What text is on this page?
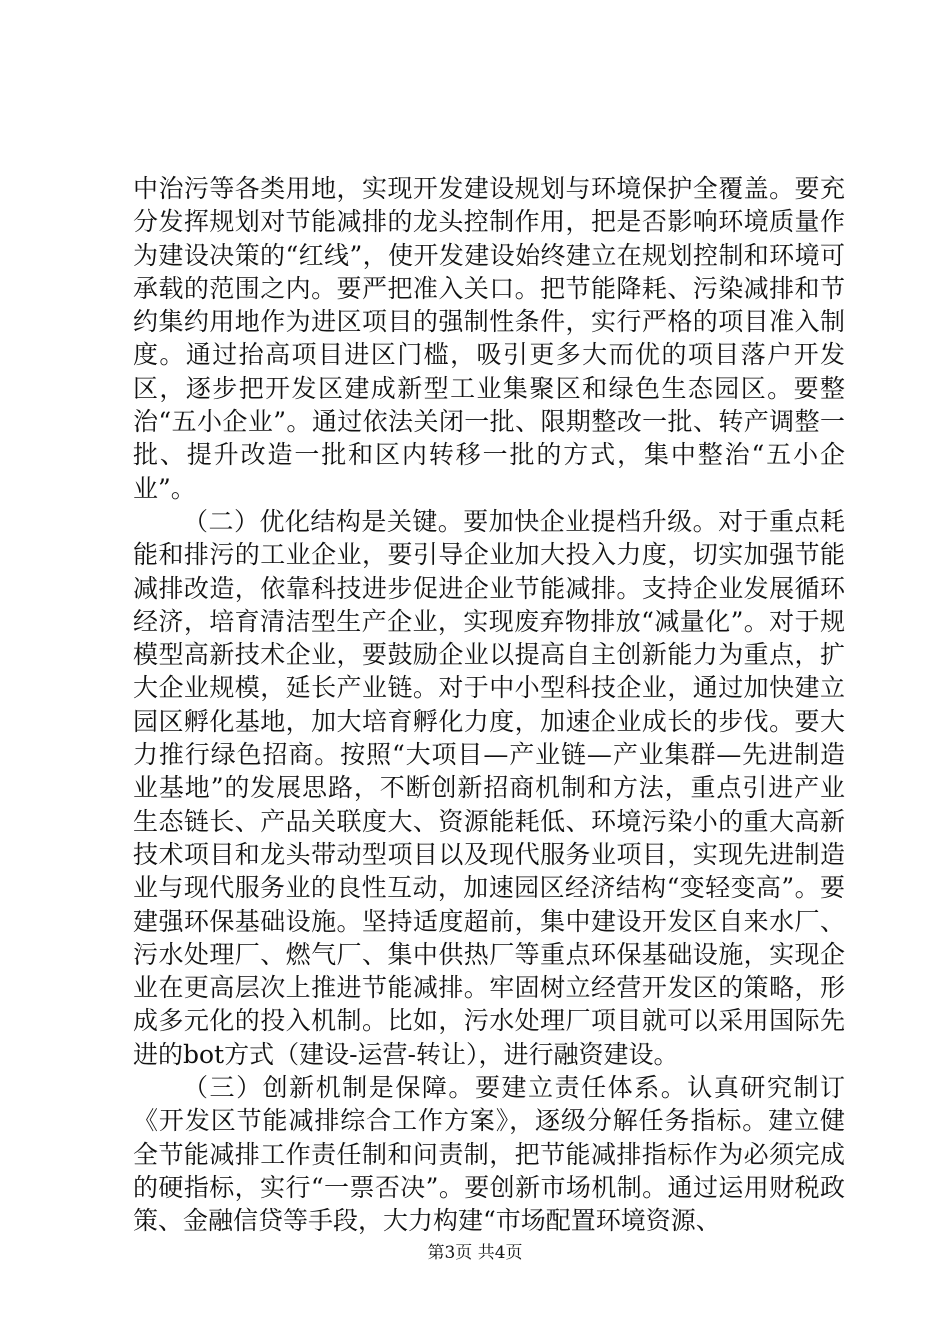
中治污等各类用地，实现开发建设规划与环境保护全覆盖。要充分发挥规划对节能减排的龙头控制作用，把是否影响环境质量作为建设决策的“红线”，使开发建设始终建立在规划控制和环境可承载的范围之内。要严把准入关口。把节能降耗、污染减排和节约集约用地作为进区项目的强制性条件，实行严格的项目准入制度。通过抬高项目进区门槛，吸引更多大而优的项目落户开发区，逐步把开发区建成新型工业集聚区和绿色生态园区。要整治“五小企业”。通过依法关闭一批、限期整改一批、转产调整一批、提升改造一批和区内转移一批的方式，集中整治“五小企业”。

（二）优化结构是关键。要加快企业提档升级。对于重点耗能和排污的工业企业，要引导企业加大投入力度，切实加强节能减排改造，依靠科技进步促进企业节能减排。支持企业发展循环经济，培育清洁型生产企业，实现废弃物排放“减量化”。对于规模型高新技术企业，要鼓励企业以提高自主创新能力为重点，扩大企业规模，延长产业链。对于中小型科技企业，通过加快建立园区孵化基地，加大培育孵化力度，加速企业成长的步伐。要大力推行绿色招商。按照“大项目—产业链—产业集群—先进制造业基地”的发展思路，不断创新招商机制和方法，重点引进产业生态链长、产品关联度大、资源能耗低、环境污染小的重大高新技术项目和龙头带动型项目以及现代服务业项目，实现先进制造业与现代服务业的良性互动，加速园区经济结构“变轻变高”。要建强环保基础设施。坚持适度超前，集中建设开发区自来水厂、污水处理厂、燃气厂、集中供热厂等重点环保基础设施，实现企业在更高层次上推进节能减排。牢固树立经营开发区的策略，形成多元化的投入机制。比如，污水处理厂项目就可以采用国际先进的bot方式（建设-运营-转让），进行融资建设。

（三）创新机制是保障。要建立责任体系。认真研究制订《开发区节能减排综合工作方案》，逐级分解任务指标。建立健全节能减排工作责任制和问责制，把节能减排指标作为必须完成的硬指标，实行“一票否决”。要创新市场机制。通过运用财税政策、金融信贷等手段，大力构建“市场配置环境资源、

第3页 共4页
